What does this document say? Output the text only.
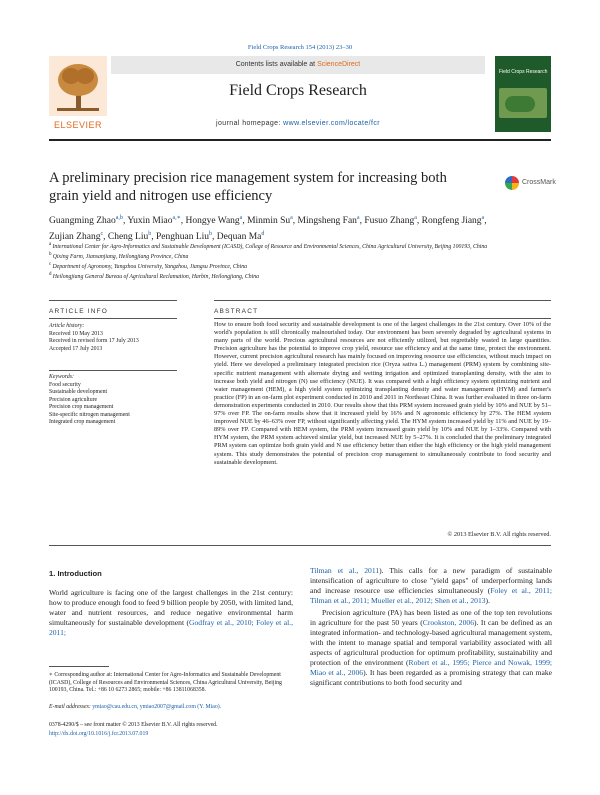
Field Crops Research 154 (2013) 23–30
ELSEVIER
Contents lists available at ScienceDirect
Field Crops Research
journal homepage: www.elsevier.com/locate/fcr
Field Crops Research
A preliminary precision rice management system for increasing both grain yield and nitrogen use efficiency
CrossMark
Guangming Zhao$^{a,b}$, Yuxin Miao$^{a,∗}$, Hongye Wang$^a$, Minmin Su$^a$, Mingsheng Fan$^a$, Fusuo Zhang$^a$, Rongfeng Jiang$^a$, Zujian Zhang$^c$, Cheng Liu$^b$, Penghuan Liu$^b$, Dequan Ma$^d$
$^a$ International Center for Agro-Informatics and Sustainable Development (ICASD), College of Resource and Environmental Sciences, China Agricultural University, Beijing 100193, China
$^b$ Qixing Farm, Jiansanjiang, Heilongjiang Province, China
$^c$ Department of Agronomy, Yangzhou University, Yangzhou, Jiangsu Province, China
$^d$ Heilongjiang General Bureau of Agricultural Reclamation, Harbin, Heilongjiang, China
ARTICLE INFO	ABSTRACT
Article history:
Received 10 May 2013
Received in revised form 17 July 2013
Accepted 17 July 2013
Keywords:
Food security
Sustainable development
Precision agriculture
Precision crop management
Site-specific nitrogen management
Integrated crop management
How to ensure both food security and sustainable development is one of the largest challenges in the 21st century. Over 10% of the world's population is still chronically malnourished today. Our environment has been severely degraded by agricultural systems in many parts of the world. Precious agricultural resources are not efficiently utilized, but regrettably wasted in large quantities. Precision agriculture has the potential to improve crop yield, resource use efficiency and at the same time, protect the environment. However, current precision agricultural research has mainly focused on improving resource use efficiencies, without much impact on yield. Here we developed a preliminary integrated precision rice (Oryza sativa L.) management (PRM) system by combining site-specific nutrient management with alternate drying and wetting irrigation and optimized transplanting density, with the aim to increase both yield and nitrogen (N) use efficiency (NUE). It was compared with a high efficiency system optimizing nutrient and water management (HEM), a high yield system optimizing transplanting density and water management (HYM) and farmer's practice (FP) in an on-farm plot experiment conducted in 2010 and 2011 in Northeast China. It was further evaluated in three on-farm demonstration experiments conducted in 2010. Our results show that this PRM system increased grain yield by 10% and NUE by 51–97% over FP. The on-farm results show that it increased yield by 16% and N agronomic efficiency by 27%. The HEM system improved NUE by 46–63% over FP, without significantly affecting yield. The HYM system increased yield by 11% and NUE by 19–89% over FP. Compared with HEM system, the PRM system increased grain yield by 10% and NUE by 1–33%. Compared with HYM system, the PRM system achieved similar yield, but increased NUE by 5–27%. It is concluded that the preliminary integrated PRM system can optimize both grain yield and N use efficiency better than either the high efficiency or the high yield management system. This study demonstrates the potential of precision crop management to simultaneously contribute to food security and sustainable development.
© 2013 Elsevier B.V. All rights reserved.
1. Introduction
World agriculture is facing one of the largest challenges in the 21st century: how to produce enough food to feed 9 billion people by 2050, with limited land, water and nutrient resources, and reduce negative environmental harm simultaneously for sustainable development (Godfray et al., 2010; Foley et al., 2011;
Tilman et al., 2011). This calls for a new paradigm of sustainable intensification of agriculture to close "yield gaps" of underperforming lands and increase resource use efficiencies simultaneously (Foley et al., 2011; Tilman et al., 2011; Mueller et al., 2012; Shen et al., 2013).
Precision agriculture (PA) has been listed as one of the top ten revolutions in agriculture for the past 50 years (Crookston, 2006). It can be defined as an integrated information- and technology-based agricultural management system, with the intent to manage spatial and temporal variability associated with all aspects of agricultural production for optimum profitability, sustainability and protection of the environment (Robert et al., 1995; Pierce and Nowak, 1999; Miao et al., 2006). It has been regarded as a promising strategy that can make significant contributions to both food security and
∗ Corresponding author at: International Center for Agro-Informatics and Sustainable Development (ICASD), College of Resources and Environmental Sciences, China Agricultural University, Beijing 100193, China. Tel.: +86 10 6273 2865; mobile: +86 13811068358.
E-mail addresses: ymiao@cau.edu.cn, ymiao2007@gmail.com (Y. Miao).
0378-4290/$ – see front matter © 2013 Elsevier B.V. All rights reserved.
http://dx.doi.org/10.1016/j.fcr.2013.07.019
